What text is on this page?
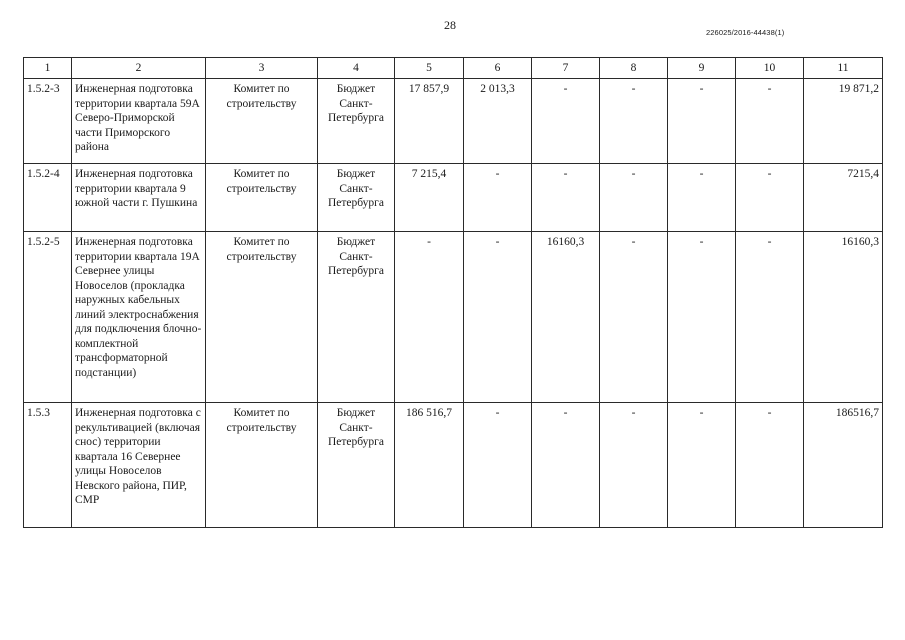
28
226025/2016-44438(1)
1	2	3	4	5	6	7	8	9	10	11
1.5.2-3	Инженерная подготовка территории квартала 59А Северо-Приморской части Приморского района	Комитет по строительству	Бюджет Санкт-Петербурга	17 857,9	2 013,3	-	-	-	-	19 871,2
1.5.2-4	Инженерная подготовка территории квартала 9 южной части г. Пушкина	Комитет по строительству	Бюджет Санкт-Петербурга	7 215,4	-	-	-	-	-	7215,4
1.5.2-5	Инженерная подготовка территории квартала 19А Севернее улицы Новоселов (прокладка наружных кабельных линий электроснабжения для подключения блочно-комплектной трансформаторной подстанции)	Комитет по строительству	Бюджет Санкт-Петербурга	-	-	16160,3	-	-	-	16160,3
1.5.3	Инженерная подготовка с рекультивацией (включая снос) территории квартала 16 Севернее улицы Новоселов Невского района, ПИР, СМР	Комитет по строительству	Бюджет Санкт-Петербурга	186 516,7	-	-	-	-	-	186516,7
